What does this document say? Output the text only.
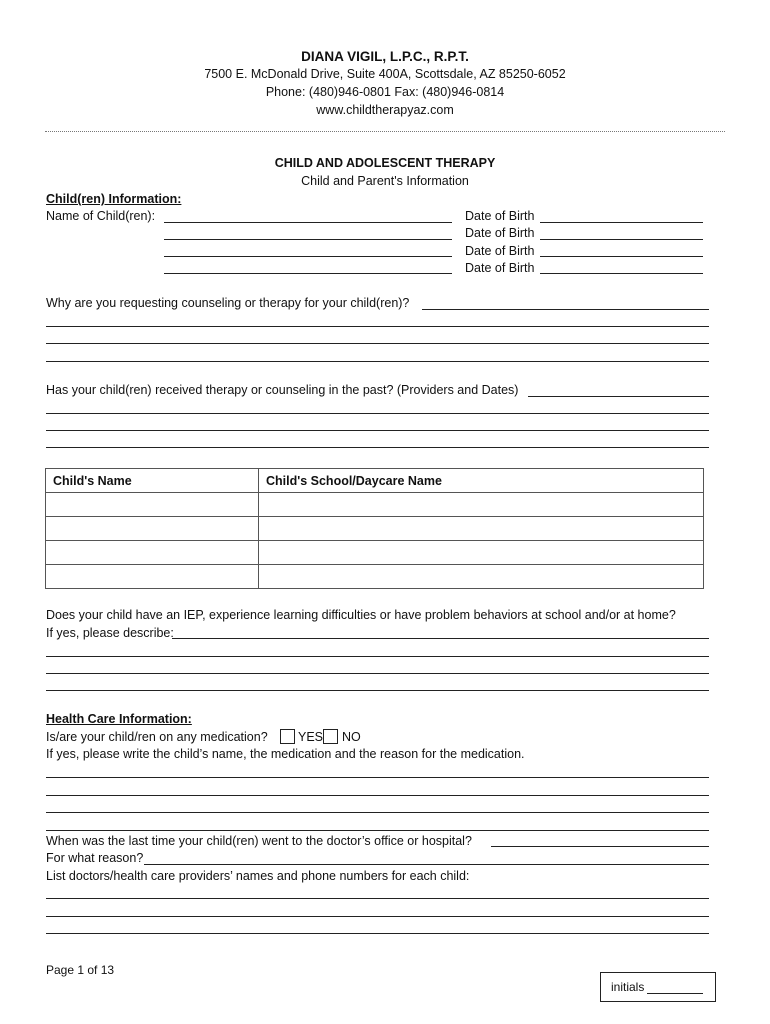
DIANA VIGIL, L.P.C., R.P.T.
7500 E. McDonald Drive, Suite 400A, Scottsdale, AZ 85250-6052
Phone: (480)946-0801 Fax: (480)946-0814
www.childtherapyaz.com
CHILD AND ADOLESCENT THERAPY
Child and Parent's Information
Child(ren) Information:
Name of Child(ren):	Date of Birth
Date of Birth
Date of Birth
Date of Birth
Why are you requesting counseling or therapy for your child(ren)?
Has your child(ren) received therapy or counseling in the past? (Providers and Dates)
Child's Name	Child's School/Daycare Name

Does your child have an IEP, experience learning difficulties or have problem behaviors at school and/or at home?
If yes, please describe:
Health Care Information:
Is/are your child/ren on any medication? YES NO
If yes, please write the child’s name, the medication and the reason for the medication.
When was the last time your child(ren) went to the doctor’s office or hospital?
For what reason?
List doctors/health care providers’ names and phone numbers for each child:
Page 1 of 13
initials
